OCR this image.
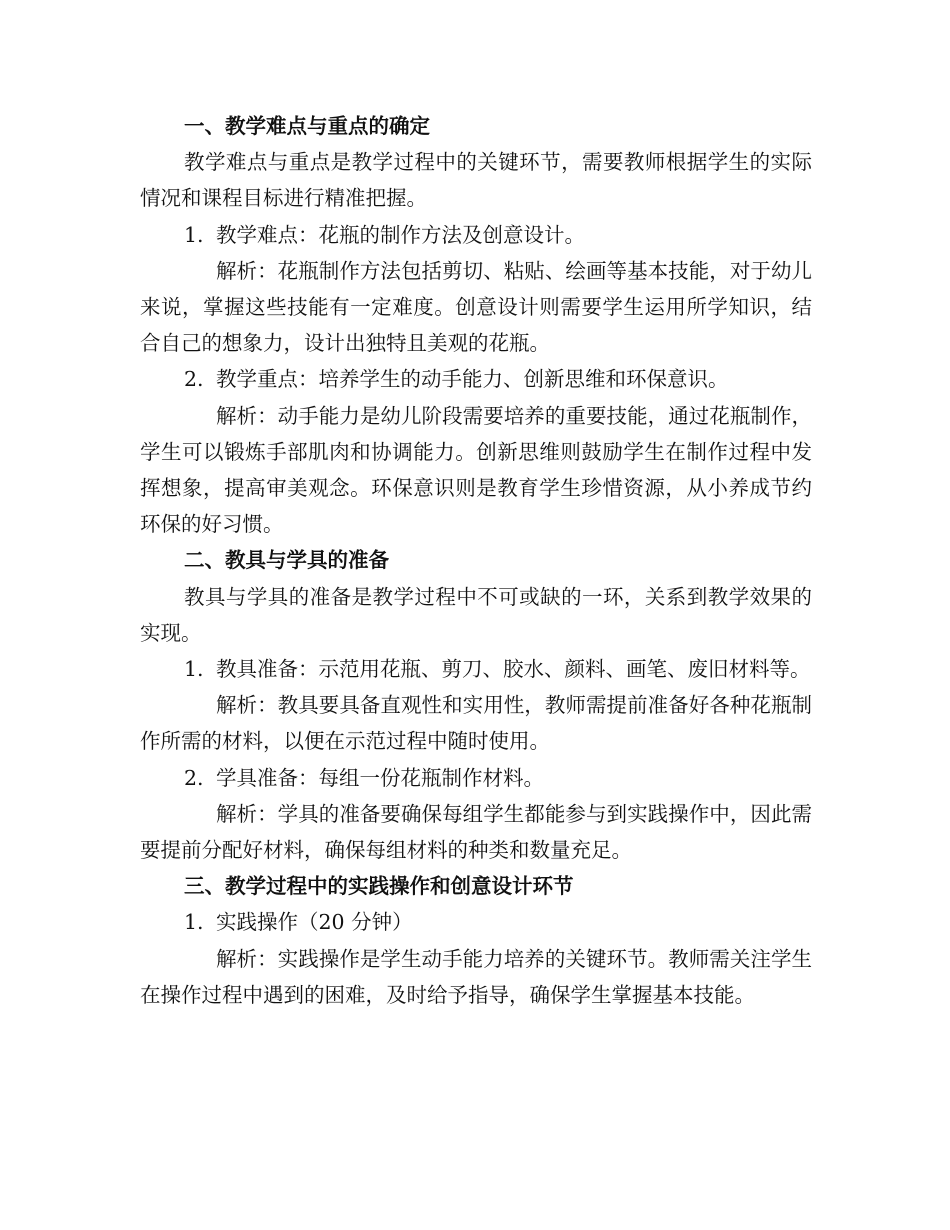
一、教学难点与重点的确定

教学难点与重点是教学过程中的关键环节，需要教师根据学生的实际情况和课程目标进行精准把握。

1. 教学难点：花瓶的制作方法及创意设计。

解析：花瓶制作方法包括剪切、粘贴、绘画等基本技能，对于幼儿来说，掌握这些技能有一定难度。创意设计则需要学生运用所学知识，结合自己的想象力，设计出独特且美观的花瓶。

2. 教学重点：培养学生的动手能力、创新思维和环保意识。

解析：动手能力是幼儿阶段需要培养的重要技能，通过花瓶制作，学生可以锻炼手部肌肉和协调能力。创新思维则鼓励学生在制作过程中发挥想象，提高审美观念。环保意识则是教育学生珍惜资源，从小养成节约环保的好习惯。

二、教具与学具的准备

教具与学具的准备是教学过程中不可或缺的一环，关系到教学效果的实现。

1. 教具准备：示范用花瓶、剪刀、胶水、颜料、画笔、废旧材料等。

解析：教具要具备直观性和实用性，教师需提前准备好各种花瓶制作所需的材料，以便在示范过程中随时使用。

2. 学具准备：每组一份花瓶制作材料。

解析：学具的准备要确保每组学生都能参与到实践操作中，因此需要提前分配好材料，确保每组材料的种类和数量充足。

三、教学过程中的实践操作和创意设计环节

1. 实践操作（20 分钟）

解析：实践操作是学生动手能力培养的关键环节。教师需关注学生在操作过程中遇到的困难，及时给予指导，确保学生掌握基本技能。
